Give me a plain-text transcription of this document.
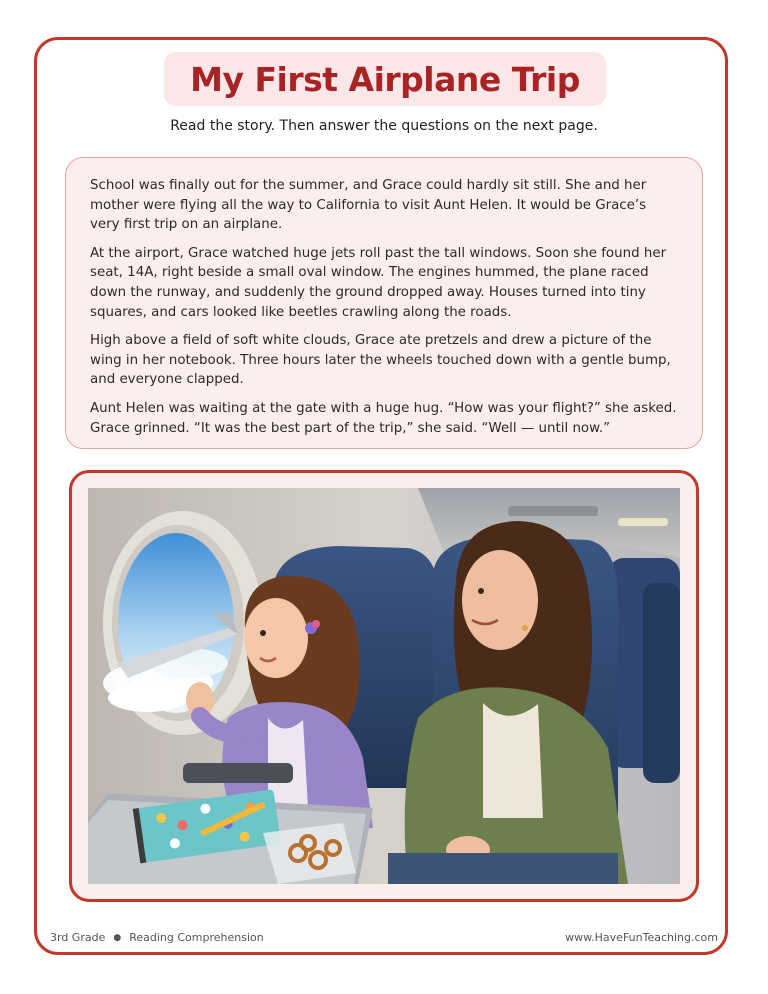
My First Airplane Trip

Read the story. Then answer the questions on the next page.

School was finally out for the summer, and Grace could hardly sit still. She and her mother were flying all the way to California to visit Aunt Helen. It would be Grace’s very first trip on an airplane.

At the airport, Grace watched huge jets roll past the tall windows. Soon she found her seat, 14A, right beside a small oval window. The engines hummed, the plane raced down the runway, and suddenly the ground dropped away. Houses turned into tiny squares, and cars looked like beetles crawling along the roads.

High above a field of soft white clouds, Grace ate pretzels and drew a picture of the wing in her notebook. Three hours later the wheels touched down with a gentle bump, and everyone clapped.

Aunt Helen was waiting at the gate with a huge hug. “How was your flight?” she asked. Grace grinned. “It was the best part of the trip,” she said. “Well — until now.”

3rd Grade ● Reading Comprehension	www.HaveFunTeaching.com
